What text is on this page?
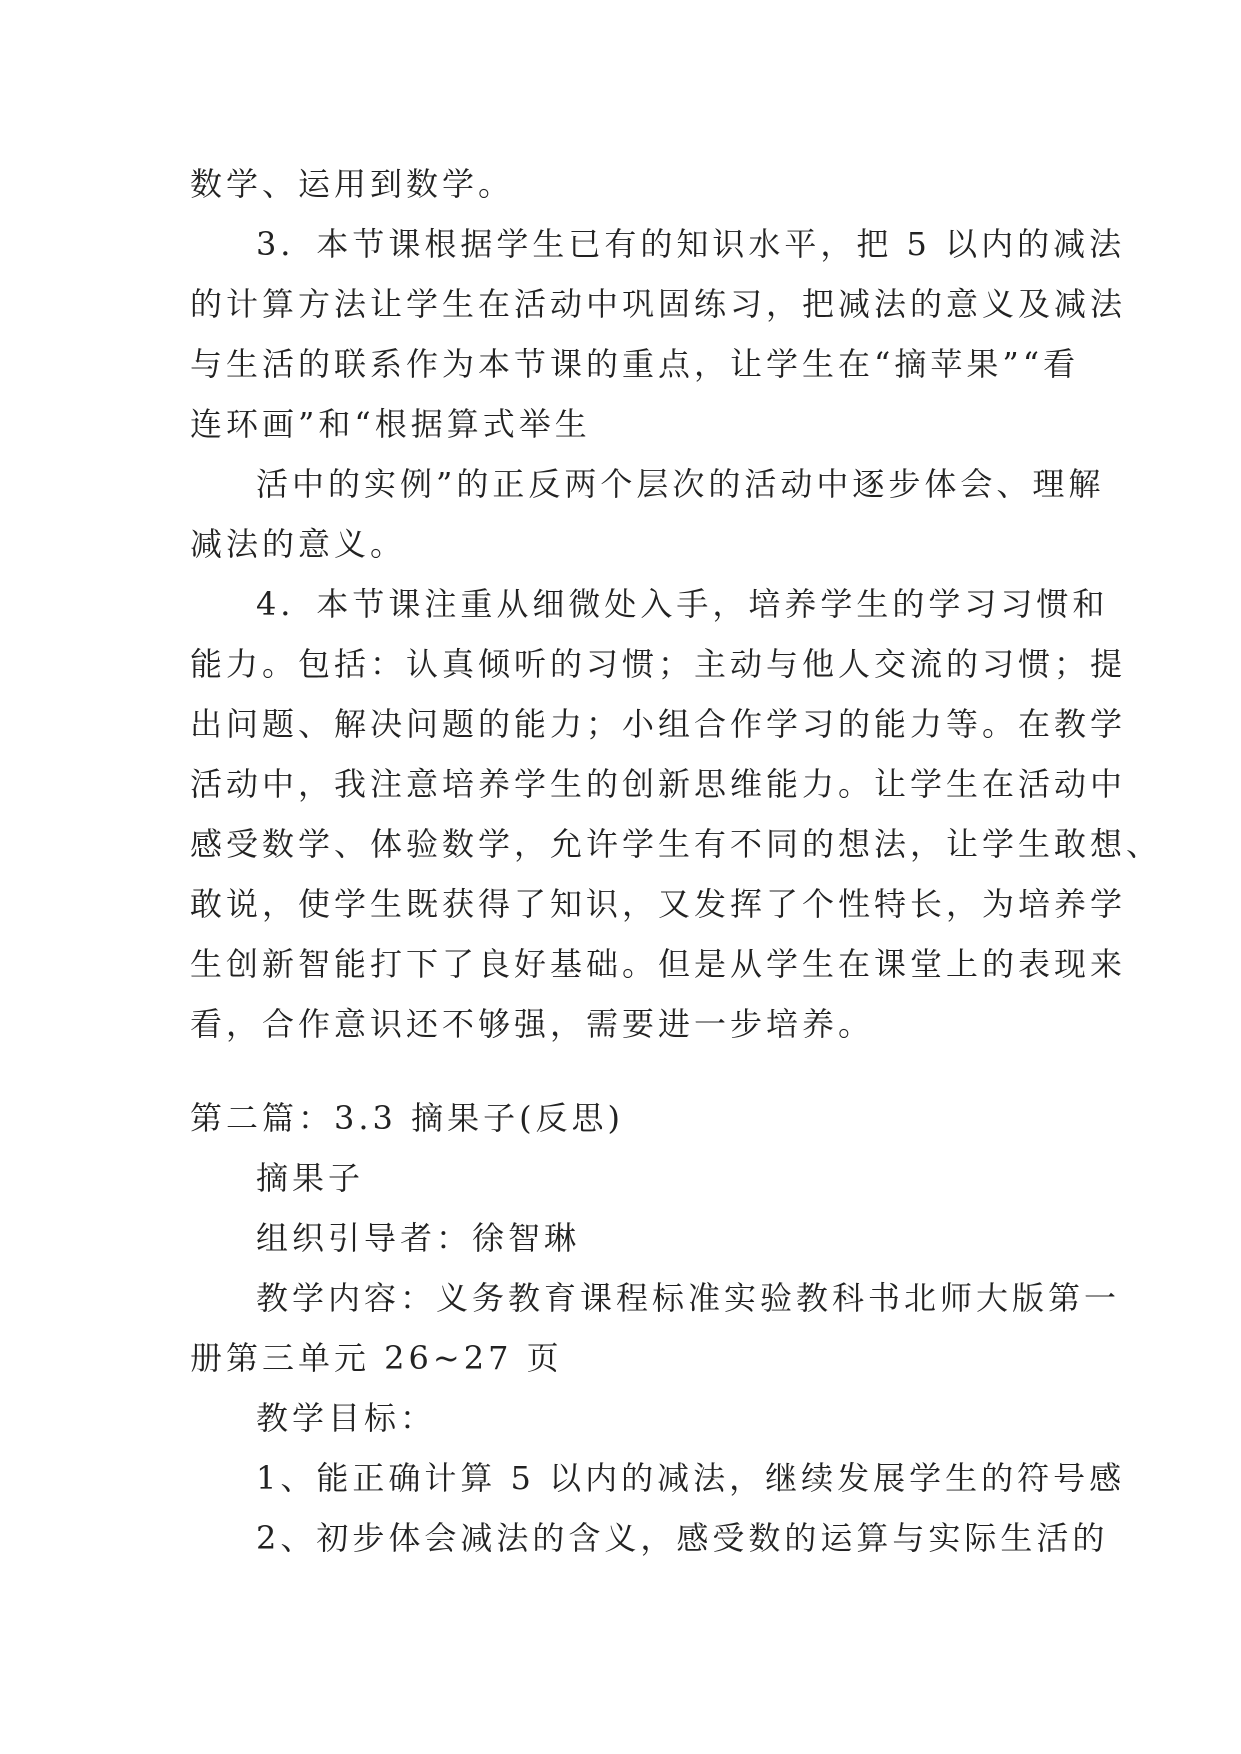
数学、运用到数学。
3．本节课根据学生已有的知识水平，把 5 以内的减法
的计算方法让学生在活动中巩固练习，把减法的意义及减法
与生活的联系作为本节课的重点，让学生在“摘苹果”“看
连环画”和“根据算式举生
活中的实例”的正反两个层次的活动中逐步体会、理解
减法的意义。
4．本节课注重从细微处入手，培养学生的学习习惯和
能力。包括：认真倾听的习惯；主动与他人交流的习惯；提
出问题、解决问题的能力；小组合作学习的能力等。在教学
活动中，我注意培养学生的创新思维能力。让学生在活动中
感受数学、体验数学，允许学生有不同的想法，让学生敢想、
敢说，使学生既获得了知识，又发挥了个性特长，为培养学
生创新智能打下了良好基础。但是从学生在课堂上的表现来
看，合作意识还不够强，需要进一步培养。
第二篇：3.3 摘果子(反思)
摘果子
组织引导者：徐智琳
教学内容：义务教育课程标准实验教科书北师大版第一
册第三单元 26~27 页
教学目标：
1、能正确计算 5 以内的减法，继续发展学生的符号感
2、初步体会减法的含义，感受数的运算与实际生活的
